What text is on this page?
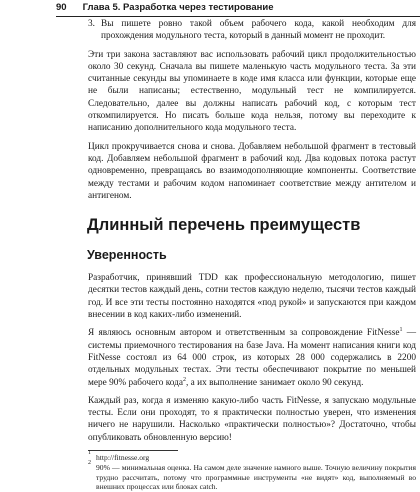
90 Глава 5. Разработка через тестирование
3. Вы пишете ровно такой объем рабочего кода, какой необходим для прохождения модульного теста, который в данный момент не проходит.

Эти три закона заставляют вас использовать рабочий цикл продолжительностью около 30 секунд. Сначала вы пишете маленькую часть модульного теста. За эти считанные секунды вы упоминаете в коде имя класса или функции, которые еще не были написаны; естественно, модульный тест не компилируется. Следовательно, далее вы должны написать рабочий код, с которым тест откомпилируется. Но писать больше кода нельзя, потому вы переходите к написанию дополнительного кода модульного теста.

Цикл прокручивается снова и снова. Добавляем небольшой фрагмент в тестовый код. Добавляем небольшой фрагмент в рабочий код. Два кодовых потока растут одновременно, превращаясь во взаимодополняющие компоненты. Соответствие между тестами и рабочим кодом напоминает соответствие между антителом и антигеном.

Длинный перечень преимуществ
Уверенность

Разработчик, принявший TDD как профессиональную методологию, пишет десятки тестов каждый день, сотни тестов каждую неделю, тысячи тестов каждый год. И все эти тесты постоянно находятся «под рукой» и запускаются при каждом внесении в код каких-либо изменений.

Я являюсь основным автором и ответственным за сопровождение FitNesse$^1$ — системы приемочного тестирования на базе Java. На момент написания книги код FitNesse состоял из 64 000 строк, из которых 28 000 содержались в 2200 отдельных модульных тестах. Эти тесты обеспечивают покрытие по меньшей мере 90% рабочего кода$^2$, а их выполнение занимает около 90 секунд.

Каждый раз, когда я изменяю какую-либо часть FitNesse, я запускаю модульные тесты. Если они проходят, то я практически полностью уверен, что изменения ничего не нарушили. Насколько «практически полностью»? Достаточно, чтобы опубликовать обновленную версию!

1 http://fitnesse.org
2 90% — минимальная оценка. На самом деле значение намного выше. Точную величину покрытия трудно рассчитать, потому что программные инструменты «не видят» код, выполняемый во внешних процессах или блоках catch.
